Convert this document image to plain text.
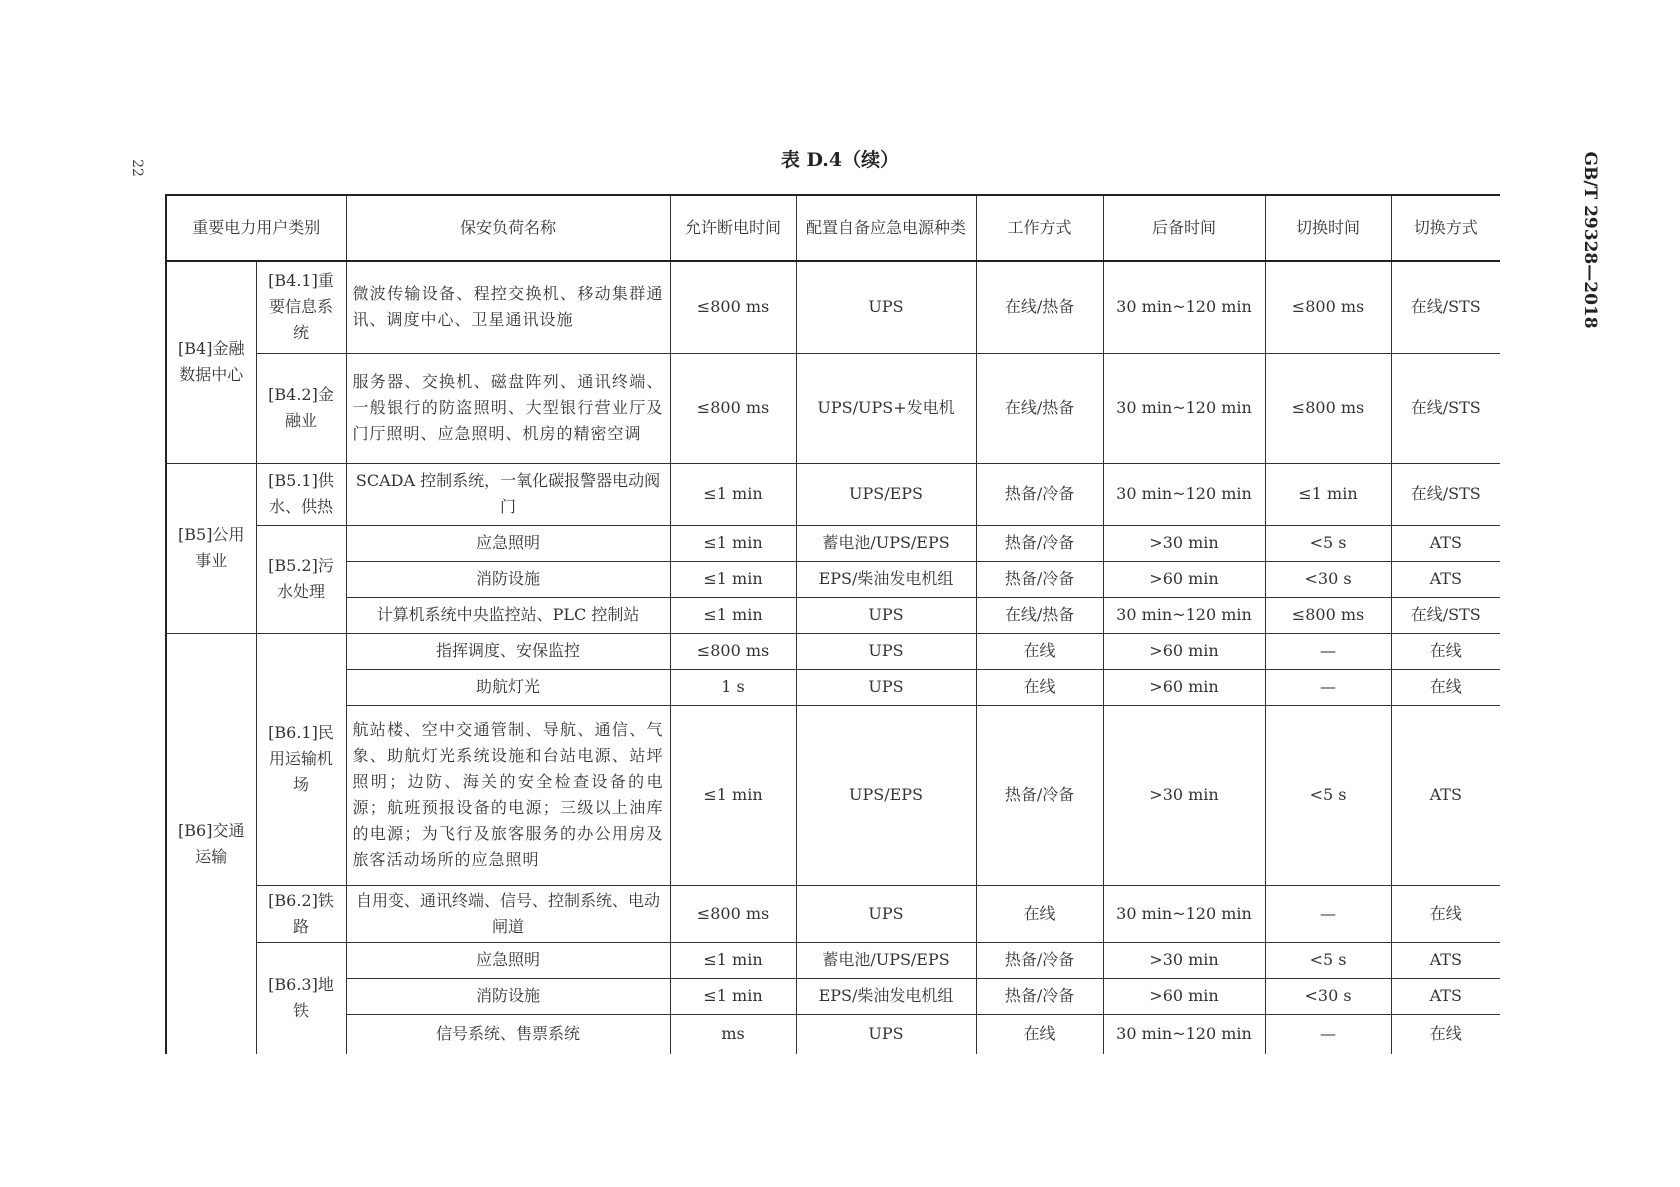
22	GB/T 29328—2018
表 D.4（续）
重要电力用户类别		保安负荷名称	允许断电时间	配置自备应急电源种类	工作方式	后备时间	切换时间	切换方式
[B4]金融数据中心	[B4.1]重要信息系统	微波传输设备、程控交换机、移动集群通讯、调度中心、卫星通讯设施	≤800 ms	UPS	在线/热备	30 min~120 min	≤800 ms	在线/STS
	[B4.2]金融业	服务器、交换机、磁盘阵列、通讯终端、一般银行的防盗照明、大型银行营业厅及门厅照明、应急照明、机房的精密空调	≤800 ms	UPS/UPS+发电机	在线/热备	30 min~120 min	≤800 ms	在线/STS
[B5]公用事业	[B5.1]供水、供热	SCADA 控制系统，一氧化碳报警器电动阀门	≤1 min	UPS/EPS	热备/冷备	30 min~120 min	≤1 min	在线/STS
	[B5.2]污水处理	应急照明	≤1 min	蓄电池/UPS/EPS	热备/冷备	>30 min	<5 s	ATS
		消防设施	≤1 min	EPS/柴油发电机组	热备/冷备	>60 min	<30 s	ATS
		计算机系统中央监控站、PLC 控制站	≤1 min	UPS	在线/热备	30 min~120 min	≤800 ms	在线/STS
[B6]交通运输	[B6.1]民用运输机场	指挥调度、安保监控	≤800 ms	UPS	在线	>60 min	—	在线
		助航灯光	1 s	UPS	在线	>60 min	—	在线
		航站楼、空中交通管制、导航、通信、气象、助航灯光系统设施和台站电源、站坪照明；边防、海关的安全检查设备的电源；航班预报设备的电源；三级以上油库的电源；为飞行及旅客服务的办公用房及旅客活动场所的应急照明	≤1 min	UPS/EPS	热备/冷备	>30 min	<5 s	ATS
	[B6.2]铁路	自用变、通讯终端、信号、控制系统、电动闸道	≤800 ms	UPS	在线	30 min~120 min	—	在线
	[B6.3]地铁	应急照明	≤1 min	蓄电池/UPS/EPS	热备/冷备	>30 min	<5 s	ATS
		消防设施	≤1 min	EPS/柴油发电机组	热备/冷备	>60 min	<30 s	ATS
		信号系统、售票系统	ms	UPS	在线	30 min~120 min	—	在线
